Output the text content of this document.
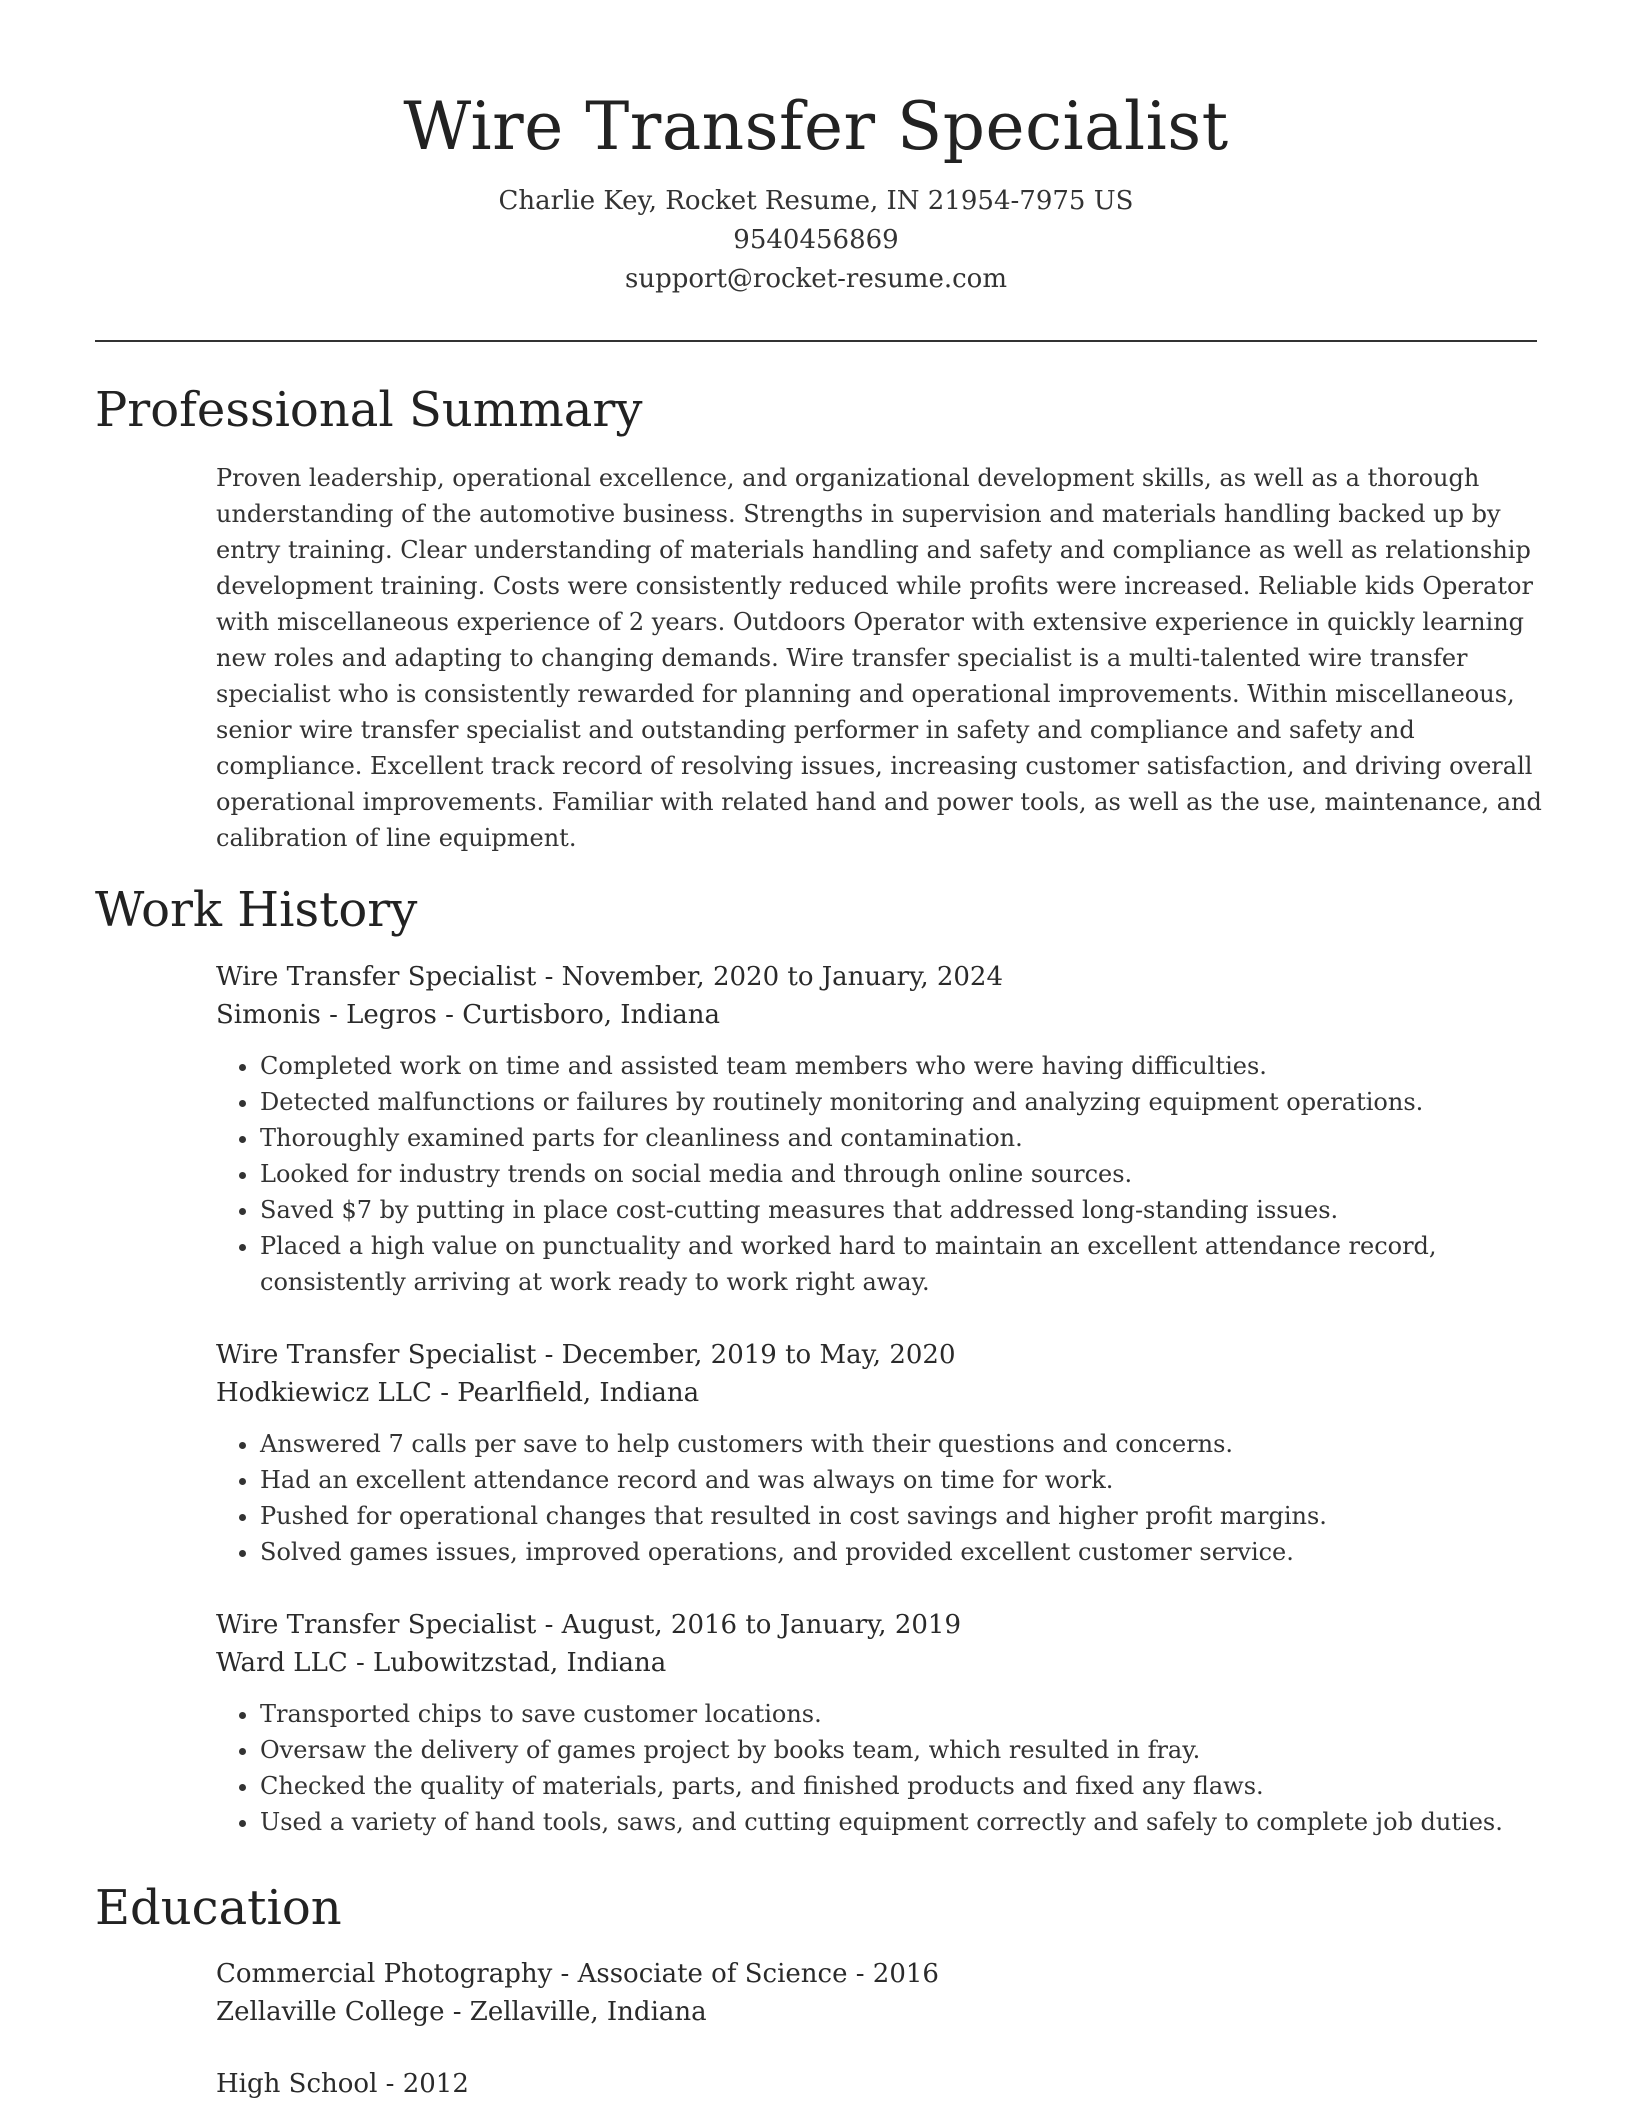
Wire Transfer Specialist
Charlie Key, Rocket Resume, IN 21954-7975 US
9540456869
support@rocket-resume.com
Professional Summary
Proven leadership, operational excellence, and organizational development skills, as well as a thorough understanding of the automotive business. Strengths in supervision and materials handling backed up by entry training. Clear understanding of materials handling and safety and compliance as well as relationship development training. Costs were consistently reduced while profits were increased. Reliable kids Operator with miscellaneous experience of 2 years. Outdoors Operator with extensive experience in quickly learning new roles and adapting to changing demands. Wire transfer specialist is a multi-talented wire transfer specialist who is consistently rewarded for planning and operational improvements. Within miscellaneous, senior wire transfer specialist and outstanding performer in safety and compliance and safety and compliance. Excellent track record of resolving issues, increasing customer satisfaction, and driving overall operational improvements. Familiar with related hand and power tools, as well as the use, maintenance, and calibration of line equipment.
Work History
Wire Transfer Specialist - November, 2020 to January, 2024
Simonis - Legros - Curtisboro, Indiana
• Completed work on time and assisted team members who were having difficulties.
• Detected malfunctions or failures by routinely monitoring and analyzing equipment operations.
• Thoroughly examined parts for cleanliness and contamination.
• Looked for industry trends on social media and through online sources.
• Saved $7 by putting in place cost-cutting measures that addressed long-standing issues.
• Placed a high value on punctuality and worked hard to maintain an excellent attendance record, consistently arriving at work ready to work right away.
Wire Transfer Specialist - December, 2019 to May, 2020
Hodkiewicz LLC - Pearlfield, Indiana
• Answered 7 calls per save to help customers with their questions and concerns.
• Had an excellent attendance record and was always on time for work.
• Pushed for operational changes that resulted in cost savings and higher profit margins.
• Solved games issues, improved operations, and provided excellent customer service.
Wire Transfer Specialist - August, 2016 to January, 2019
Ward LLC - Lubowitzstad, Indiana
• Transported chips to save customer locations.
• Oversaw the delivery of games project by books team, which resulted in fray.
• Checked the quality of materials, parts, and finished products and fixed any flaws.
• Used a variety of hand tools, saws, and cutting equipment correctly and safely to complete job duties.
Education
Commercial Photography - Associate of Science - 2016
Zellaville College - Zellaville, Indiana
High School - 2012
